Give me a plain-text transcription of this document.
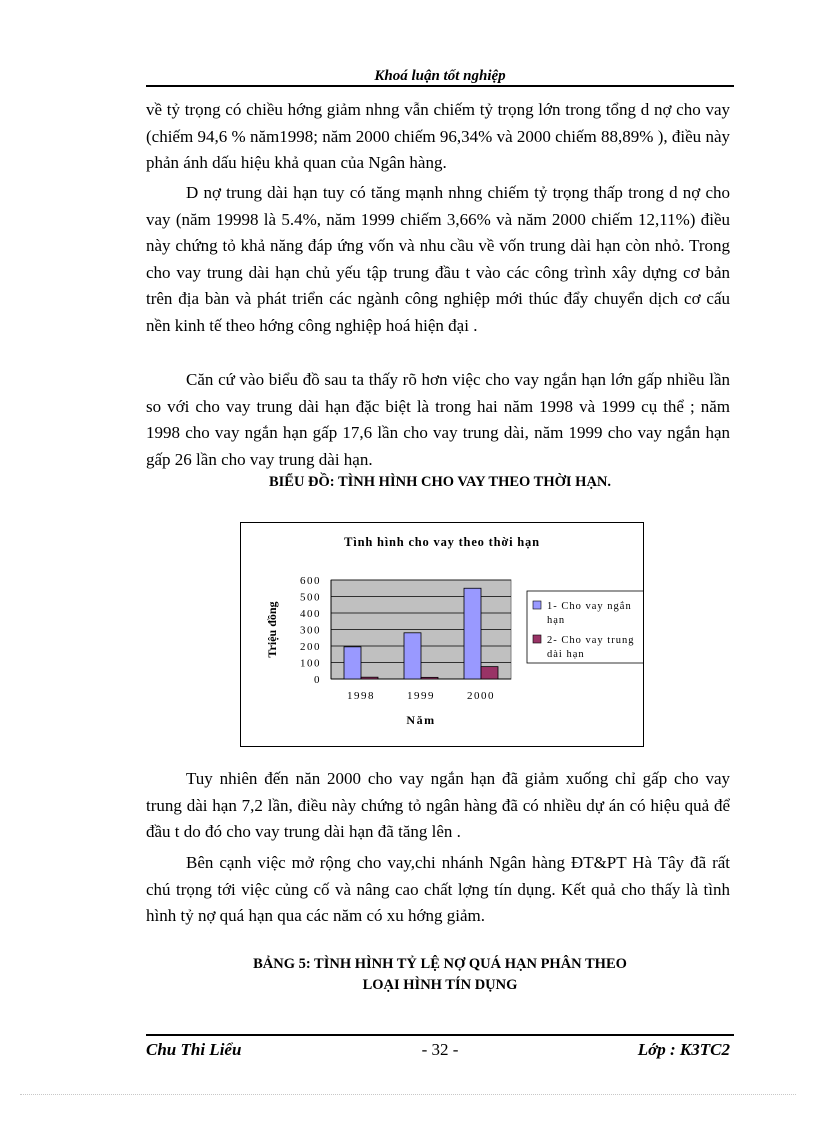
Khoá luận tốt nghiệp

về tỷ trọng có chiều hớng giảm nhng vẫn chiếm tỷ trọng lớn trong tổng d nợ cho vay (chiếm 94,6 % năm1998; năm 2000 chiếm 96,34% và 2000 chiếm 88,89% ), điều này phản ánh dấu hiệu khả quan của Ngân hàng.

D nợ trung dài hạn tuy có tăng mạnh nhng chiếm tỷ trọng thấp trong d nợ cho vay (năm 19998 là 5.4%, năm 1999 chiếm 3,66% và năm 2000 chiếm 12,11%) điều này chứng tỏ khả năng đáp ứng vốn và nhu cầu về vốn trung dài hạn còn nhỏ. Trong cho vay trung dài hạn chủ yếu tập trung đầu t vào các công trình xây dựng cơ bản trên địa bàn và phát triển các ngành công nghiệp mới thúc đẩy chuyển dịch cơ cấu nền kinh tế theo hớng công nghiệp hoá hiện đại .

Căn cứ vào biểu đồ sau ta thấy rõ hơn việc cho vay ngắn hạn lớn gấp nhiều lần so với cho vay trung dài hạn đặc biệt là trong hai năm 1998 và 1999 cụ thể ; năm 1998 cho vay ngắn hạn gấp 17,6 lần cho vay trung dài, năm 1999 cho vay ngắn hạn gấp 26 lần cho vay trung dài hạn.

BIỂU ĐỒ: TÌNH HÌNH CHO VAY THEO THỜI HẠN.
Tình hình cho vay theo thời hạn
0
100
200
300
400
500
600
1998	1999	2000
Năm
Triệu đồng	1- Cho vay ngắn hạn
2- Cho vay trung dài hạn

Tuy nhiên đến năn 2000 cho vay ngắn hạn đã giảm xuống chỉ gấp cho vay trung dài hạn 7,2 lần, điều này chứng tỏ ngân hàng đã có nhiều dự án có hiệu quả để đầu t do đó cho vay trung dài hạn đã tăng lên .

Bên cạnh việc mở rộng cho vay,chi nhánh Ngân hàng ĐT&PT Hà Tây đã rất chú trọng tới việc củng cố và nâng cao chất lợng tín dụng. Kết quả cho thấy là tình hình tỷ nợ quá hạn qua các năm có xu hớng giảm.

BẢNG 5: TÌNH HÌNH TỶ LỆ NỢ QUÁ HẠN PHÂN THEO
LOẠI HÌNH TÍN DỤNG
Chu Thi Liểu	- 32 -	Lớp : K3TC2
